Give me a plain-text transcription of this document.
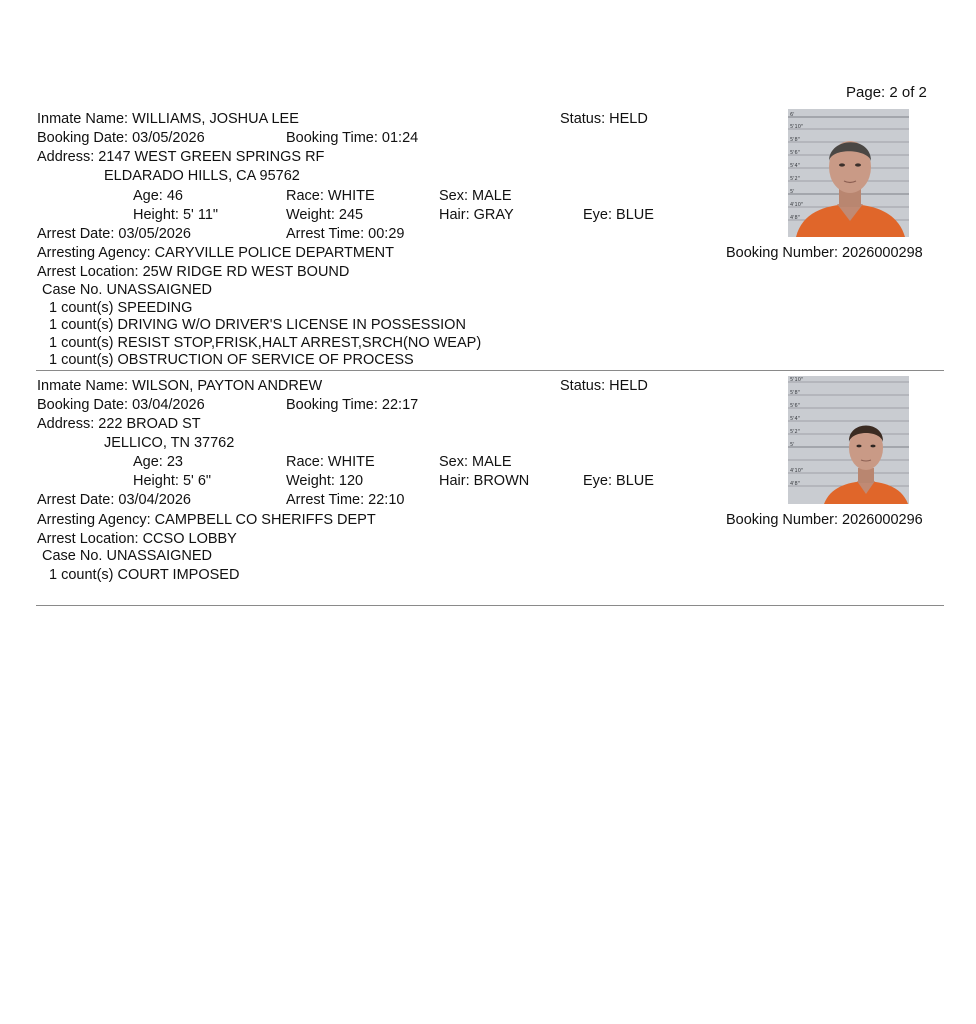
Page: 2 of 2
Inmate Name: WILLIAMS, JOSHUA LEE	Status: HELD
Booking Date: 03/05/2026	Booking Time: 01:24
Address: 2147 WEST GREEN SPRINGS RF
ELDARADO HILLS, CA 95762
Age: 46	Race: WHITE	Sex: MALE
Height: 5' 11"	Weight: 245	Hair: GRAY	Eye: BLUE
Arrest Date: 03/05/2026	Arrest Time: 00:29
Arresting Agency: CARYVILLE POLICE DEPARTMENT	Booking Number: 2026000298
Arrest Location: 25W RIDGE RD WEST BOUND
Case No. UNASSAIGNED
1 count(s) SPEEDING
1 count(s) DRIVING W/O DRIVER'S LICENSE IN POSSESSION
1 count(s) RESIST STOP,FRISK,HALT ARREST,SRCH(NO WEAP)
1 count(s) OBSTRUCTION OF SERVICE OF PROCESS
6'
5'10"
5'8"
5'6"
5'4"
5'2"
5'
4'10"
4'8"
Inmate Name: WILSON, PAYTON ANDREW	Status: HELD
Booking Date: 03/04/2026	Booking Time: 22:17
Address: 222 BROAD ST
JELLICO, TN 37762
Age: 23	Race: WHITE	Sex: MALE
Height: 5' 6"	Weight: 120	Hair: BROWN	Eye: BLUE
Arrest Date: 03/04/2026	Arrest Time: 22:10
Arresting Agency: CAMPBELL CO SHERIFFS DEPT	Booking Number: 2026000296
Arrest Location: CCSO LOBBY
Case No. UNASSAIGNED
1 count(s) COURT IMPOSED
5'10"
5'8"
5'6"
5'4"
5'2"
5'
4'10"
4'8"
